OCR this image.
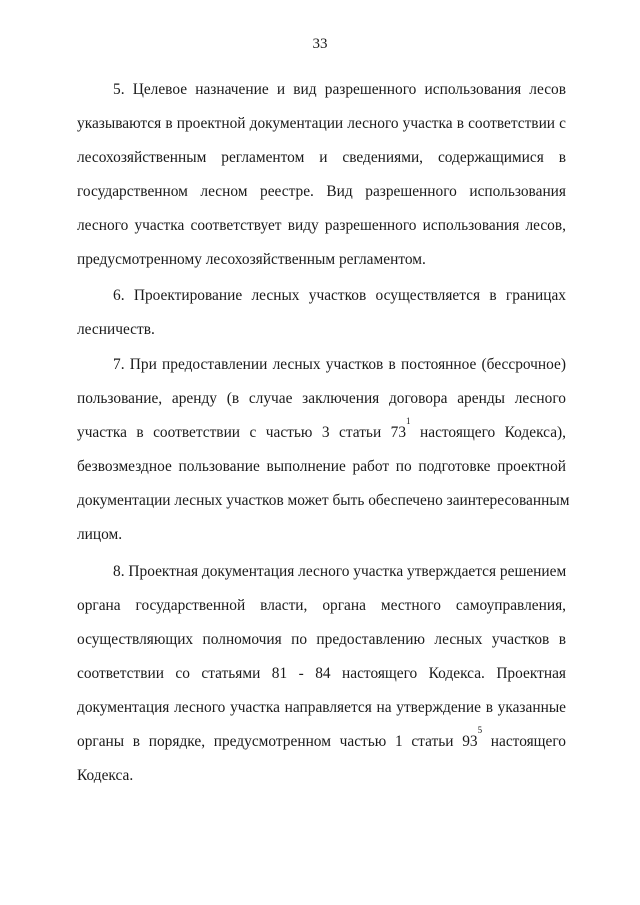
33
5. Целевое назначение и вид разрешенного использования лесов
указываются в проектной документации лесного участка в соответствии с
лесохозяйственным регламентом и сведениями, содержащимися в
государственном лесном реестре. Вид разрешенного использования
лесного участка соответствует виду разрешенного использования лесов,
предусмотренному лесохозяйственным регламентом.
6. Проектирование лесных участков осуществляется в границах
лесничеств.
7. При предоставлении лесных участков в постоянное (бессрочное)
пользование, аренду (в случае заключения договора аренды лесного
участка в соответствии с частью 3 статьи $73^1$ настоящего Кодекса),
безвозмездное пользование выполнение работ по подготовке проектной
документации лесных участков может быть обеспечено заинтересованным
лицом.
8. Проектная документация лесного участка утверждается решением
органа государственной власти, органа местного самоуправления,
осуществляющих полномочия по предоставлению лесных участков в
соответствии со статьями 81 - 84 настоящего Кодекса. Проектная
документация лесного участка направляется на утверждение в указанные
органы в порядке, предусмотренном частью 1 статьи $93^5$ настоящего
Кодекса.
